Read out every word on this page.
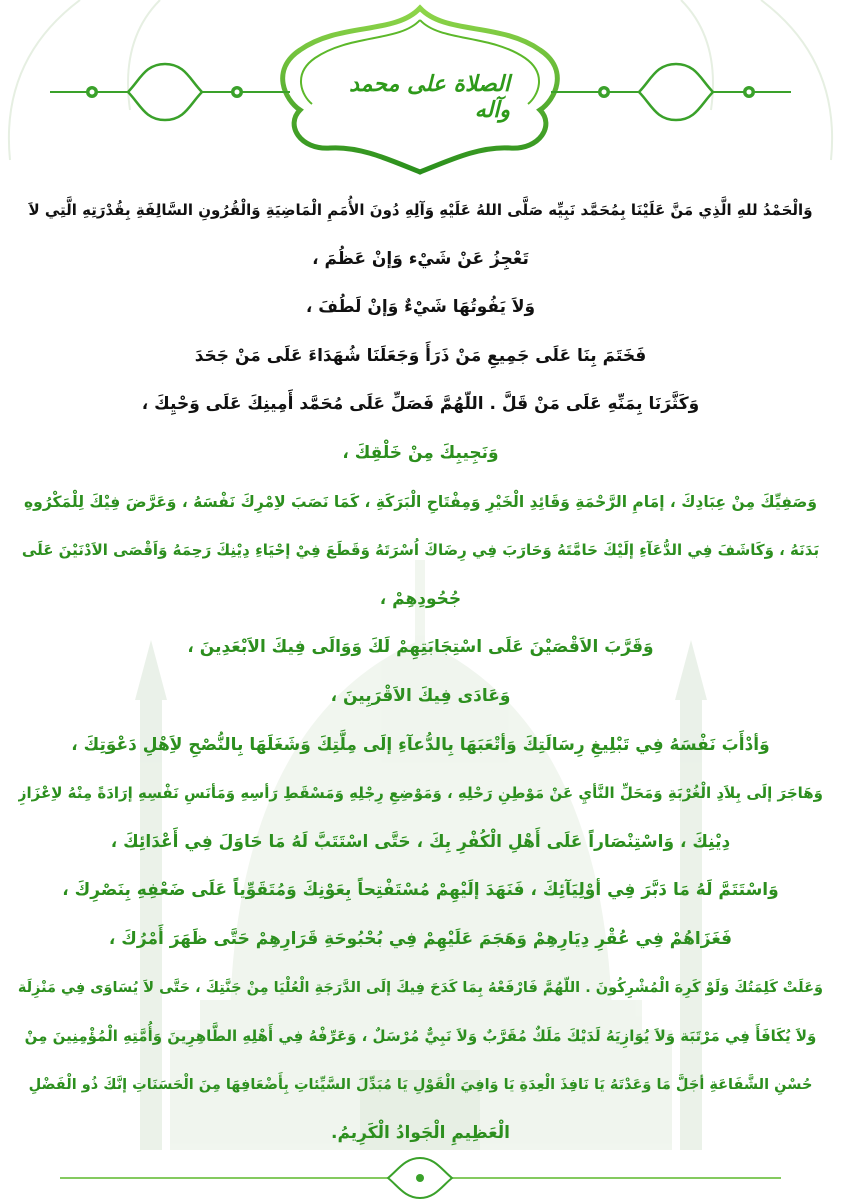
الصلاة على محمد وآله
وَالْحَمْدُ للهِ الَّذِي مَنَّ عَلَيْنَا بِمُحَمَّد نَبِيِّه صَلَّى اللهُ عَلَيْهِ وَآلِهِ دُونَ الأُمَمِ الْمَاضِيَةِ وَالْقُرُونِ السَّالِفَةِ بِقُدْرَتِهِ الَّتِي لاَ
تَعْجِزُ عَنْ شَيْء وَإنْ عَظُمَ ،
وَلاَ يَفُوتُهَا شَيْءٌ وَإنْ لَطُفَ ،
فَخَتَمَ بِنَا عَلَى جَمِيعِ مَنْ ذَرَأَ وَجَعَلَنَا شُهَدَاءَ عَلَى مَنْ جَحَدَ
وَكَثَّرَنَا بِمَنِّهِ عَلَى مَنْ قَلَّ . اللّهُمَّ فَصَلِّ عَلَى مُحَمَّد أَمِينِكَ عَلَى وَحْيِكَ ،
وَنَجِيبِكَ مِنْ خَلْقِكَ ،
وَصَفِيِّكَ مِنْ عِبَادِكَ ، إمَامِ الرَّحْمَةِ وَقَائِدِ الْخَيْرِ وَمِفْتَاحِ الْبَرَكَةِ ، كَمَا نَصَبَ لاِمْرِكَ نَفْسَهُ ، وَعَرَّضَ فِيْكَ لِلْمَكْرُوهِ
بَدَنَهُ ، وَكَاشَفَ فِي الدُّعَآءِ إلَيْكَ حَامَّتَهُ وَحَارَبَ فِي رِضَاكَ اُسْرَتَهُ وَقَطَعَ فِيْ إحْيَاءِ دِيْنِكَ رَحِمَهُ وَاَقْصَى الاَدْنَيْنَ عَلَى
جُحُودِهِمْ ،
وَقَرَّبَ الاَقْصَيْنَ عَلَى اسْتِجَابَتِهِمْ لَكَ وَوَالَى فِيكَ الاَبْعَدِينَ ،
وَعَادَى فِيكَ الاَقْرَبِينَ ،
وَأدْأَبَ نَفْسَهُ فِي تَبْلِيغِ رِسَالَتِكَ وَأتْعَبَهَا بِالدُّعآءِ إلَى مِلَّتِكَ وَشَغَلَهَا بِالنُّصْحِ لاَِهْلِ دَعْوَتِكَ ،
وَهَاجَرَ إلَى بِلاَدِ الْغُرْبَةِ وَمَحَلِّ النَّأيِ عَنْ مَوْطِنِ رَحْلِهِ ، وَمَوْضِعِ رِجْلِهِ وَمَسْقَطِ رَأسِهِ وَمَأنَسِ نَفْسِهِ إرَادَةً مِنْهُ لاِعْزَازِ
دِيْنِكَ ، وَاسْتِنْصَاراً عَلَى أَهْلِ الْكُفْرِ بِكَ ، حَتَّى اسْتَتَبَّ لَهُ مَا حَاوَلَ فِي أَعْدَائِكَ ،
وَاسْتَتَمَّ لَهُ مَا دَبَّرَ فِي أوْلِيَآئِكَ ، فَنَهَدَ إلَيْهِمْ مُسْتَفْتِحاً بِعَوْنِكَ وَمُتَقَوِّياً عَلَى ضَعْفِهِ بِنَصْرِكَ ،
فَغَزَاهُمْ فِي عُقْرِ دِيَارِهِمْ وَهَجَمَ عَلَيْهِمْ فِي بُحْبُوحَةِ قَرَارِهِمْ حَتَّى ظَهَرَ أَمْرُكَ ،
وَعَلَتْ كَلِمَتُكَ وَلَوْ كَرِهَ الْمُشْرِكُونَ . اللّهُمَّ فَارْفَعْهُ بِمَا كَدَحَ فِيكَ إلَى الدَّرَجَةِ الْعُلْيَا مِنْ جَنَّتِكَ ، حَتَّى لاَ يُسَاوَى فِي مَنْزِلَة
وَلاَ يُكَافَأَ فِي مَرْتَبَة وَلاَ يُوَازِيَهُ لَدَيْكَ مَلَكٌ مُقَرَّبٌ وَلاَ نَبِيٌّ مُرْسَلٌ ، وَعَرِّفْهُ فِي أَهْلِهِ الطَّاهِرِينَ وَأُمَّتِهِ الْمُؤْمِنِينَ مِنْ
حُسْنِ الشَّفَاعَةِ أجَلَّ مَا وَعَدْتَهُ يَا نَافِذَ الْعِدَةِ يَا وَافِيَ الْقَوْلِ يَا مُبَدِّلَ السَّيِّئاتِ بِأَضْعَافِهَا مِنَ الْحَسَنَاتِ إنَّكَ ذُو الْفَضْلِ
الْعَظِيمِ الْجَوادُ الْكَرِيمُ.
